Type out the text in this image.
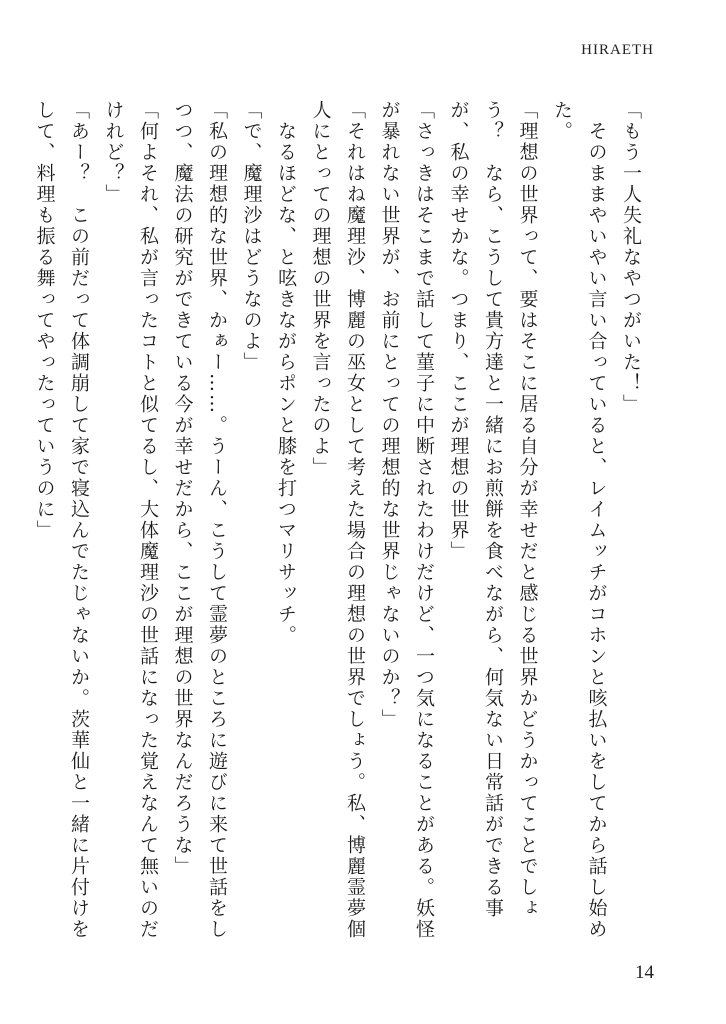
HIRAETH

「もう一人失礼なやつがいた！」

　そのままやいやい言い合っていると、レイムッチがコホンと咳払いをしてから話し始めた。

「理想の世界って、要はそこに居る自分が幸せだと感じる世界かどうかってことでしょう？　なら、こうして貴方達と一緒にお煎餅を食べながら、何気ない日常話ができる事が、私の幸せかな。つまり、ここが理想の世界」

「さっきはそこまで話して菫子に中断されたわけだけど、一つ気になることがある。妖怪が暴れない世界が、お前にとっての理想的な世界じゃないのか？」

「それはね魔理沙、博麗の巫女として考えた場合の理想の世界でしょう。私、博麗霊夢個人にとっての理想の世界を言ったのよ」

　なるほどな、と呟きながらポンと膝を打つマリサッチ。

「で、魔理沙はどうなのよ」

「私の理想的な世界、かぁー……。うーん、こうして霊夢のところに遊びに来て世話をしつつ、魔法の研究ができている今が幸せだから、ここが理想の世界なんだろうな」

「何よそれ、私が言ったコトと似てるし、大体魔理沙の世話になった覚えなんて無いのだけれど？」

「あー？　この前だって体調崩して家で寝込んでたじゃないか。茨華仙と一緒に片付けをして、料理も振る舞ってやったっていうのに」

14
